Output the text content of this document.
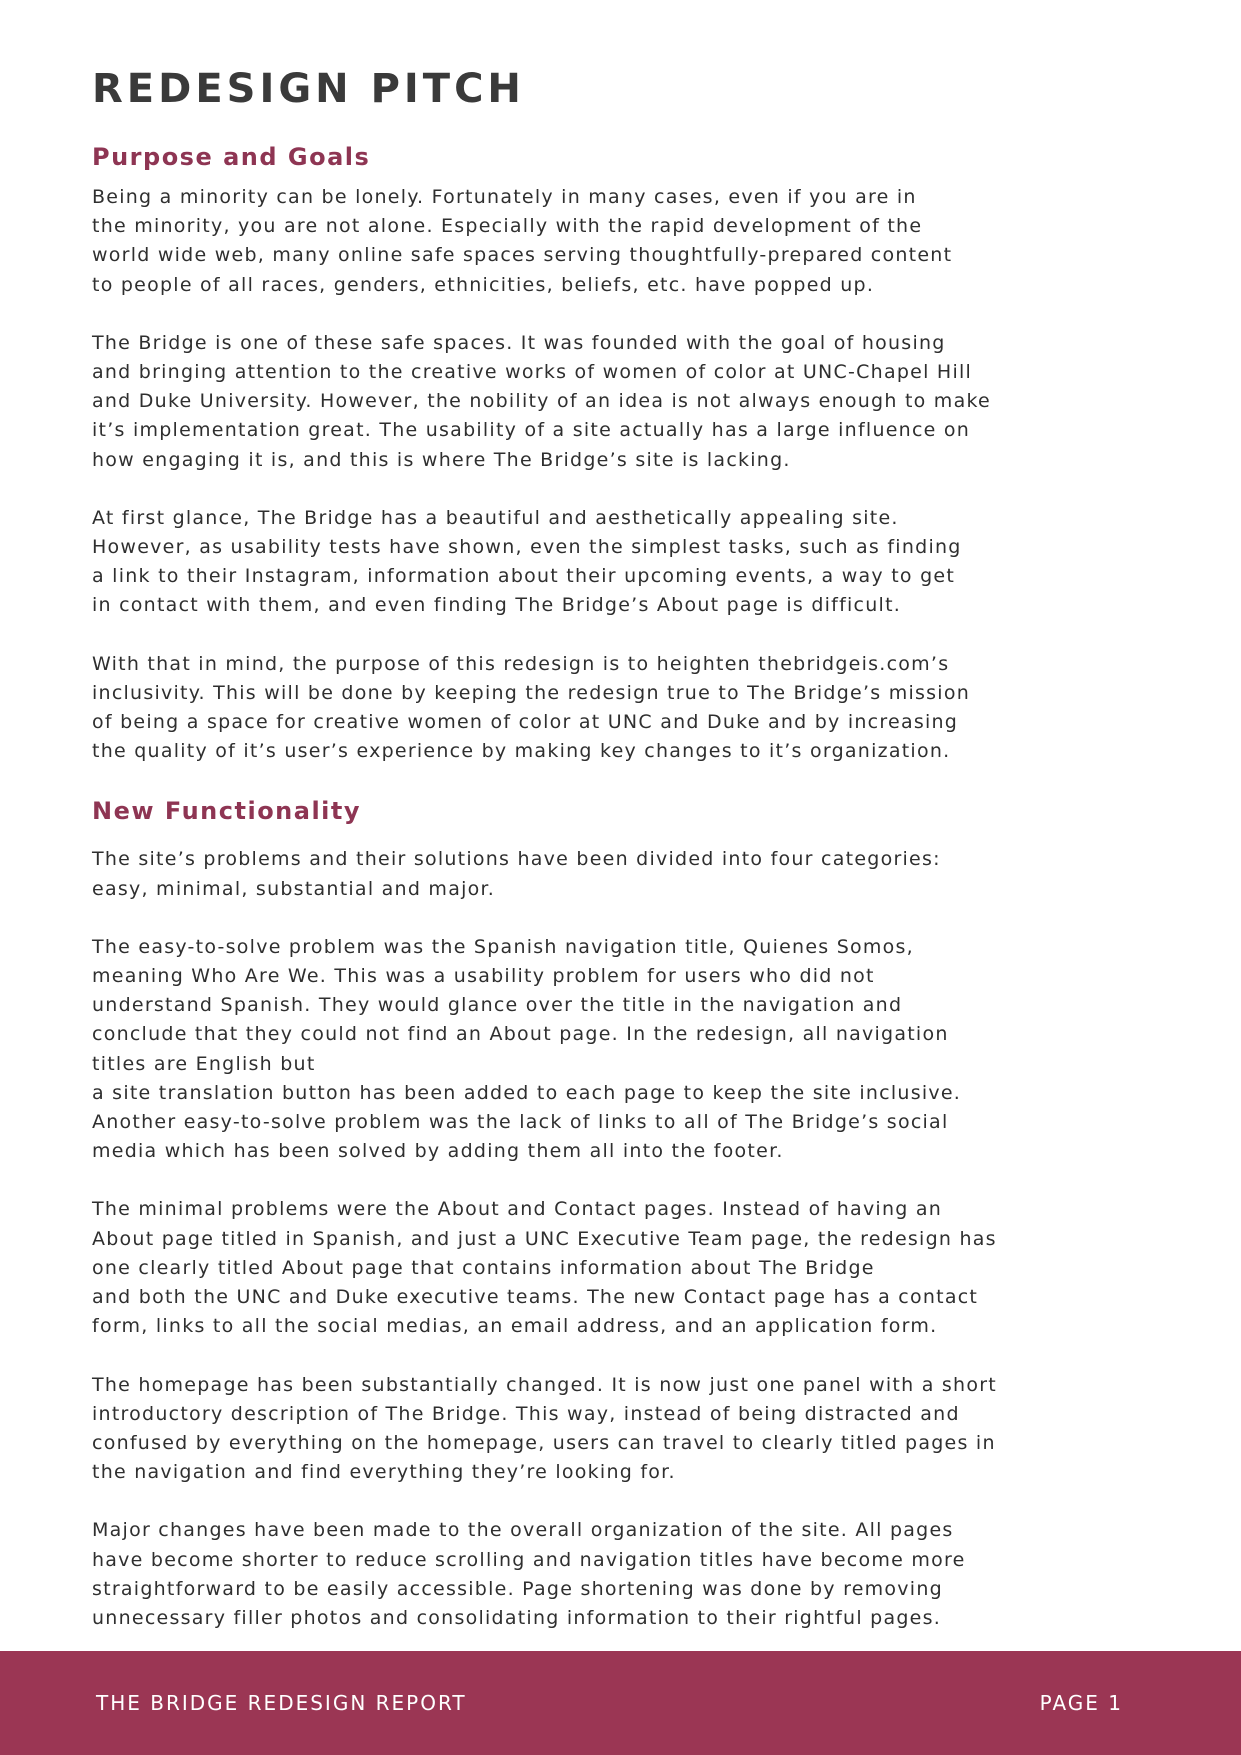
REDESIGN PITCH
Purpose and Goals

Being a minority can be lonely. Fortunately in many cases, even if you are in
the minority, you are not alone. Especially with the rapid development of the
world wide web, many online safe spaces serving thoughtfully-prepared content
to people of all races, genders, ethnicities, beliefs, etc. have popped up.

The Bridge is one of these safe spaces. It was founded with the goal of housing
and bringing attention to the creative works of women of color at UNC-Chapel Hill
and Duke University. However, the nobility of an idea is not always enough to make
it’s implementation great. The usability of a site actually has a large influence on
how engaging it is, and this is where The Bridge’s site is lacking.

At first glance, The Bridge has a beautiful and aesthetically appealing site.
However, as usability tests have shown, even the simplest tasks, such as finding
a link to their Instagram, information about their upcoming events, a way to get
in contact with them, and even finding The Bridge’s About page is difficult.

With that in mind, the purpose of this redesign is to heighten thebridgeis.com’s
inclusivity. This will be done by keeping the redesign true to The Bridge’s mission
of being a space for creative women of color at UNC and Duke and by increasing
the quality of it’s user’s experience by making key changes to it’s organization.

New Functionality

The site’s problems and their solutions have been divided into four categories:
easy, minimal, substantial and major.

The easy-to-solve problem was the Spanish navigation title, Quienes Somos,
meaning Who Are We. This was a usability problem for users who did not
understand Spanish. They would glance over the title in the navigation and
conclude that they could not find an About page. In the redesign, all navigation
titles are English but
a site translation button has been added to each page to keep the site inclusive.
Another easy-to-solve problem was the lack of links to all of The Bridge’s social
media which has been solved by adding them all into the footer.

The minimal problems were the About and Contact pages. Instead of having an
About page titled in Spanish, and just a UNC Executive Team page, the redesign has
one clearly titled About page that contains information about The Bridge
and both the UNC and Duke executive teams. The new Contact page has a contact
form, links to all the social medias, an email address, and an application form.

The homepage has been substantially changed. It is now just one panel with a short
introductory description of The Bridge. This way, instead of being distracted and
confused by everything on the homepage, users can travel to clearly titled pages in
the navigation and find everything they’re looking for.

Major changes have been made to the overall organization of the site. All pages
have become shorter to reduce scrolling and navigation titles have become more
straightforward to be easily accessible. Page shortening was done by removing
unnecessary filler photos and consolidating information to their rightful pages.

THE BRIDGE REDESIGN REPORT	PAGE 1
